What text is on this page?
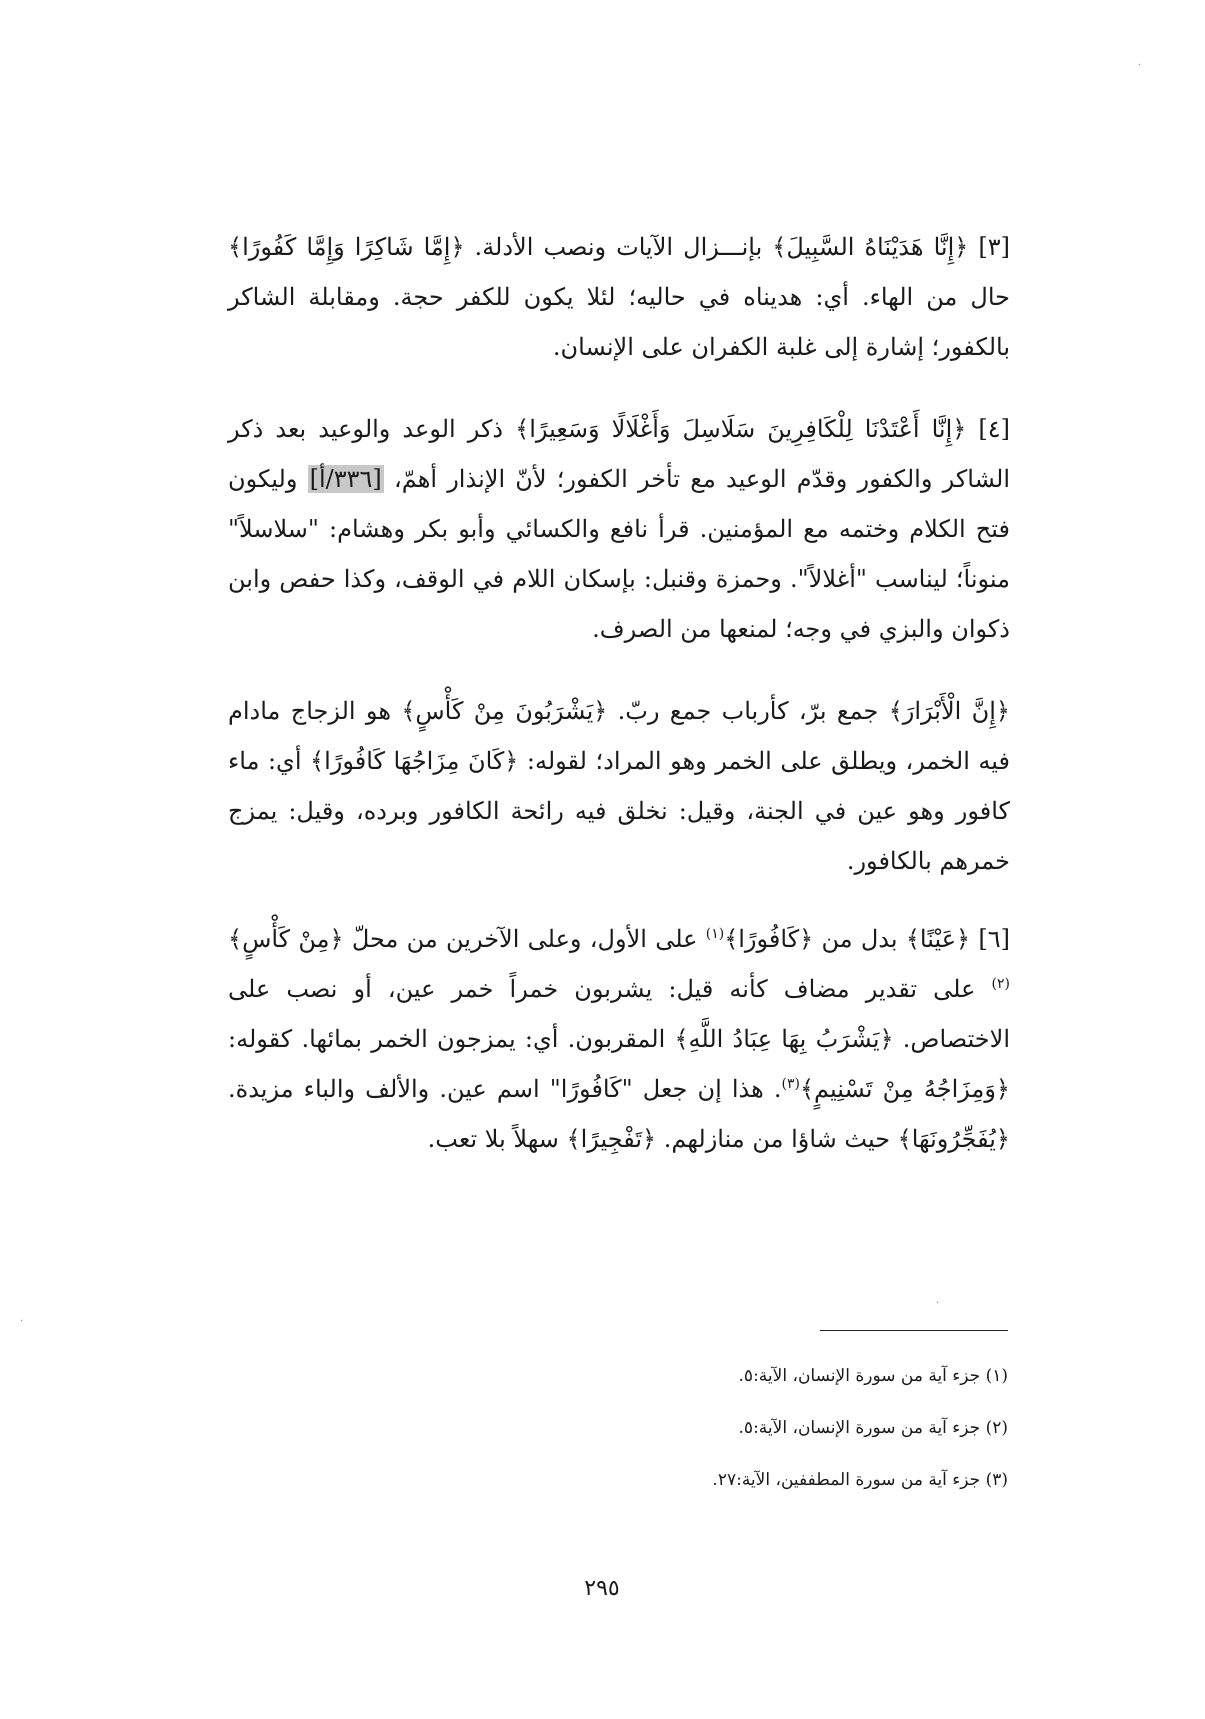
[٣] ﴿إِنَّا هَدَيْنَاهُ السَّبِيلَ﴾ بإنـــزال الآيات ونصب الأدلة. ﴿إِمَّا شَاكِرًا وَإِمَّا كَفُورًا﴾ حال من الهاء. أي: هديناه في حاليه؛ لئلا يكون للكفر حجة. ومقابلة الشاكر بالكفور؛ إشارة إلى غلبة الكفران على الإنسان.

[٤] ﴿إِنَّا أَعْتَدْنَا لِلْكَافِرِينَ سَلَاسِلَ وَأَغْلَالًا وَسَعِيرًا﴾ ذكر الوعد والوعيد بعد ذكر الشاكر والكفور وقدّم الوعيد مع تأخر الكفور؛ لأنّ الإنذار أهمّ، [٣٣٦/أ] وليكون فتح الكلام وختمه مع المؤمنين. قرأ نافع والكسائي وأبو بكر وهشام: "سلاسلاً" منوناً؛ ليناسب "أغلالاً". وحمزة وقنبل: بإسكان اللام في الوقف، وكذا حفص وابن ذكوان والبزي في وجه؛ لمنعها من الصرف.

﴿إِنَّ الْأَبْرَارَ﴾ جمع برّ، كأرباب جمع ربّ. ﴿يَشْرَبُونَ مِنْ كَأْسٍ﴾ هو الزجاج مادام فيه الخمر، ويطلق على الخمر وهو المراد؛ لقوله: ﴿كَانَ مِزَاجُهَا كَافُورًا﴾ أي: ماء كافور وهو عين في الجنة، وقيل: نخلق فيه رائحة الكافور وبرده، وقيل: يمزج خمرهم بالكافور.

[٦] ﴿عَيْنًا﴾ بدل من ﴿كَافُورًا﴾$^{(١)}$ على الأول، وعلى الآخرين من محلّ ﴿مِنْ كَأْسٍ﴾$^{(٢)}$ على تقدير مضاف كأنه قيل: يشربون خمراً خمر عين، أو نصب على الاختصاص. ﴿يَشْرَبُ بِهَا عِبَادُ اللَّهِ﴾ المقربون. أي: يمزجون الخمر بمائها. كقوله: ﴿وَمِزَاجُهُ مِنْ تَسْنِيمٍ﴾$^{(٣)}$. هذا إن جعل "كَافُورًا" اسم عين. والألف والباء مزيدة. ﴿يُفَجِّرُونَهَا﴾ حيث شاؤا من منازلهم. ﴿تَفْجِيرًا﴾ سهلاً بلا تعب.

(١) جزء آية من سورة الإنسان، الآية:٥.

(٢) جزء آية من سورة الإنسان، الآية:٥.

(٣) جزء آية من سورة المطففين، الآية:٢٧.

٢٩٥
·
·
·
